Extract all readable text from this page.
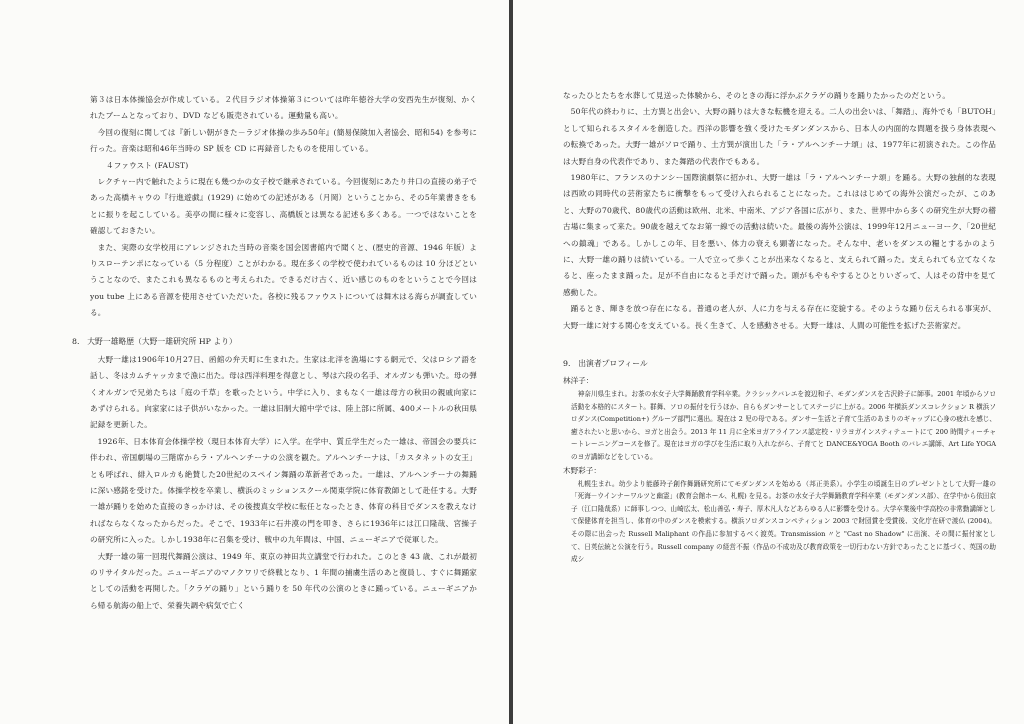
第３は日本体操協会が作成している。２代目ラジオ体操第３については昨年徳谷大学の安西先生が復刻、かくれたブームとなっており、DVD なども販売されている。運動量も高い。

今回の復刻に関しては『新しい朝がきた－ラジオ体操の歩み50年』(簡易保険加入者協会、昭和54) を参考に行った。音楽は昭和46年当時の SP 版を CD に再録音したものを使用している。

４ファウスト (FAUST)

レクチャー内で触れたように現在も幾つかの女子校で継承されている。今回復刻にあたり井口の直接の弟子であった高橋キャウの『行進遊戯』(1929) に始めての記述がある（月岡）ということから、その5年業書きをもとに振りを起こしている。美亭の間に様々に変容し、高橋版とは異なる記述も多くある。一つではないことを確認しておきたい。

また、実際の女学校用にアレンジされた当時の音楽を国会図書館内で聞くと、(歴史的音源、1946 年版）よりスローテンポになっている（5 分程度）ことがわかる。現在多くの学校で使われているものは 10 分ほどということなので、またこれも異なるものと考えられた。できるだけ古く、近い感じのものをということで今回は you tube 上にある音源を使用させていただいた。各校に残るファウストについては舞木はる海らが調査している。

8.　大野一雄略歴（大野一雄研究所 HP より）

大野一雄は1906年10月27日、函館の弁天町に生まれた。生家は北洋を漁場にする網元で、父はロシア語を話し、冬はカムチャッカまで漁に出た。母は西洋料理を得意とし、琴は六段の名手、オルガンも弾いた。母の弾くオルガンで兄弟たちは「庭の千草」を歌ったという。中学に入り、まもなく一雄は母方の秋田の親戚向家にあずけられる。向家家には子供がいなかった。一雄は旧制大館中学では、陸上部に所属、400メートルの秋田県記録を更新した。

1926年、日本体育会体操学校（現日本体育大学）に入学。在学中、質丘学生だった一雄は、帝国会の要兵に伴われ、帝国劇場の三階席からラ・アルヘンチーナの公演を観た。アルヘンチーナは、「カスタネットの女王」とも呼ばれ、緋入ロルカも絶賛した20世紀のスペイン舞踊の革新者であった。一雄は、アルヘンチーナの舞踊に深い感銘を受けた。体操学校を卒業し、横浜のミッションスクール関東学院に体育教師として赴任する。大野一雄が踊りを始めた直接のきっかけは、その後捜真女学校に転任となったとき、体育の科目でダンスを教えなければならなくなったからだった。そこで、1933年に石井漠の門を叩き、さらに1936年には江口隆哉、宮操子の研究所に入った。しかし1938年に召集を受け、戦中の九年間は、中国、ニューギニアで従軍した。

大野一雄の第一回現代舞踊公演は、1949 年、東京の神田共立講堂で行われた。このとき 43 歳、これが最初のリサイタルだった。ニューギニアのマノクワリで終戦となり、1 年間の捕虜生活のあと復員し、すぐに舞踊家としての活動を再開した。「クラゲの踊り」という踊りを 50 年代の公演のときに踊っている。ニューギニアから帰る航海の船上で、栄養失調や病気で亡く

なったひとたちを水葬して見送った体験から、そのときの海に浮かぶクラゲの踊りを踊りたかったのだという。

50年代の終わりに、土方巽と出会い、大野の踊りは大きな転機を迎える。二人の出会いは、「舞踏」、海外でも「BUTOH」として知られるスタイルを創造した。西洋の影響を強く受けたモダンダンスから、日本人の内面的な問題を扱う身体表現への転換であった。大野一雄がソロで踊り、土方巽が演出した「ラ・アルヘンチーナ頌」は、1977年に初演された。この作品は大野自身の代表作であり、また舞踏の代表作でもある。

1980年に、フランスのナンシー国際演劇祭に招かれ、大野一雄は「ラ・アルヘンチーナ頌」を踊る。大野の独創的な表現は西欧の同時代の芸術家たちに衝撃をもって受け入れられることになった。これははじめての海外公演だったが、このあと、大野の70歳代、80歳代の活動は欧州、北米、中南米、アジア各国に広がり、また、世界中から多くの研究生が大野の稽古場に集まって来た。90歳を越えてなお第一線での活動は続いた。最後の海外公演は、1999年12月ニューヨーク、「20世紀への鎮魂」である。しかしこの年、目を悪い、体力の衰えも顕著になった。そんな中、老いをダンスの糧とするかのように、大野一雄の踊りは続いている。一人で立って歩くことが出来なくなると、支えられて踊った。支えられても立てなくなると、座ったまま踊った。足が不自由になると手だけで踊った。頭がもやもやするとひとりいざって、人はその背中を見て感動した。

踊るとき、輝きを放つ存在になる。普通の老人が、人に力を与える存在に変貌する。そのような踊り伝えられる事実が、大野一雄に対する関心を支えている。長く生きて、人を感動させる。大野一雄は、人間の可能性を拡げた芸術家だ。

9.　出演者プロフィール

林洋子：

神奈川県生まれ。お茶の水女子大学舞踊教育学科卒業。クラシックバレエを渡辺和子、モダンダンスを古沢鈴子に師事。2001 年頃からソロ活動を本格的にスタート。群舞、ソロの振付を行うほか、自らもダンサーとしてステージに上がる。2006 年横浜ダンスコレクション R 横浜ソロダンス(Competition+) グループ部門に選出。現在は 2 児の母である。ダンサー生活と子育て生活のあまりのギャップに心身の疲れを感じ、癒されたいと思いから、ヨガと出会う。2013 年 11 月に全米ヨガアライアンス認定校・リラヨガインスティテュートにて 200 時間ティーチャートレーニングコースを修了。現在はヨガの学びを生活に取り入れながら、子育てと DANCE&YOGA Booth のバレエ講師、Art Life YOGA のヨガ講師などをしている。

木野彩子：

札幌生まれ。幼少より能藤玲子創作舞踊研究所にてモダンダンスを始める（邦正美系）。小学生の頃誕生日のプレゼントとして大野一雄の「死海－ウインナーワルツと幽霊」(教育会館ホール、札幌) を見る。お茶の水女子大学舞踊教育学科卒業（モダンダンス部）、在学中から依田京子（江口隆哉系）に師事しつつ、山崎広太、松山善弘・寿子、厚木凡人などあらゆる人に影響を受ける。大学卒業後中学高校の非常勤講師として保健体育を担当し、体育の中のダンスを模索する。横浜ソロダンスコンペティション 2003 で財団賞を受賞後、文化庁在研で渡仏 (2004)。その際に出会った Russell Maliphant の作品に参加するべく渡英。Transmission 〃と "Cast no Shadow" に出演、その間に振付家として、日英伝統と公演を行う。Russell company の経営不振（作品の不成功及び教育政策を一切行わない方針であったことに基づく、英国の助成シ
